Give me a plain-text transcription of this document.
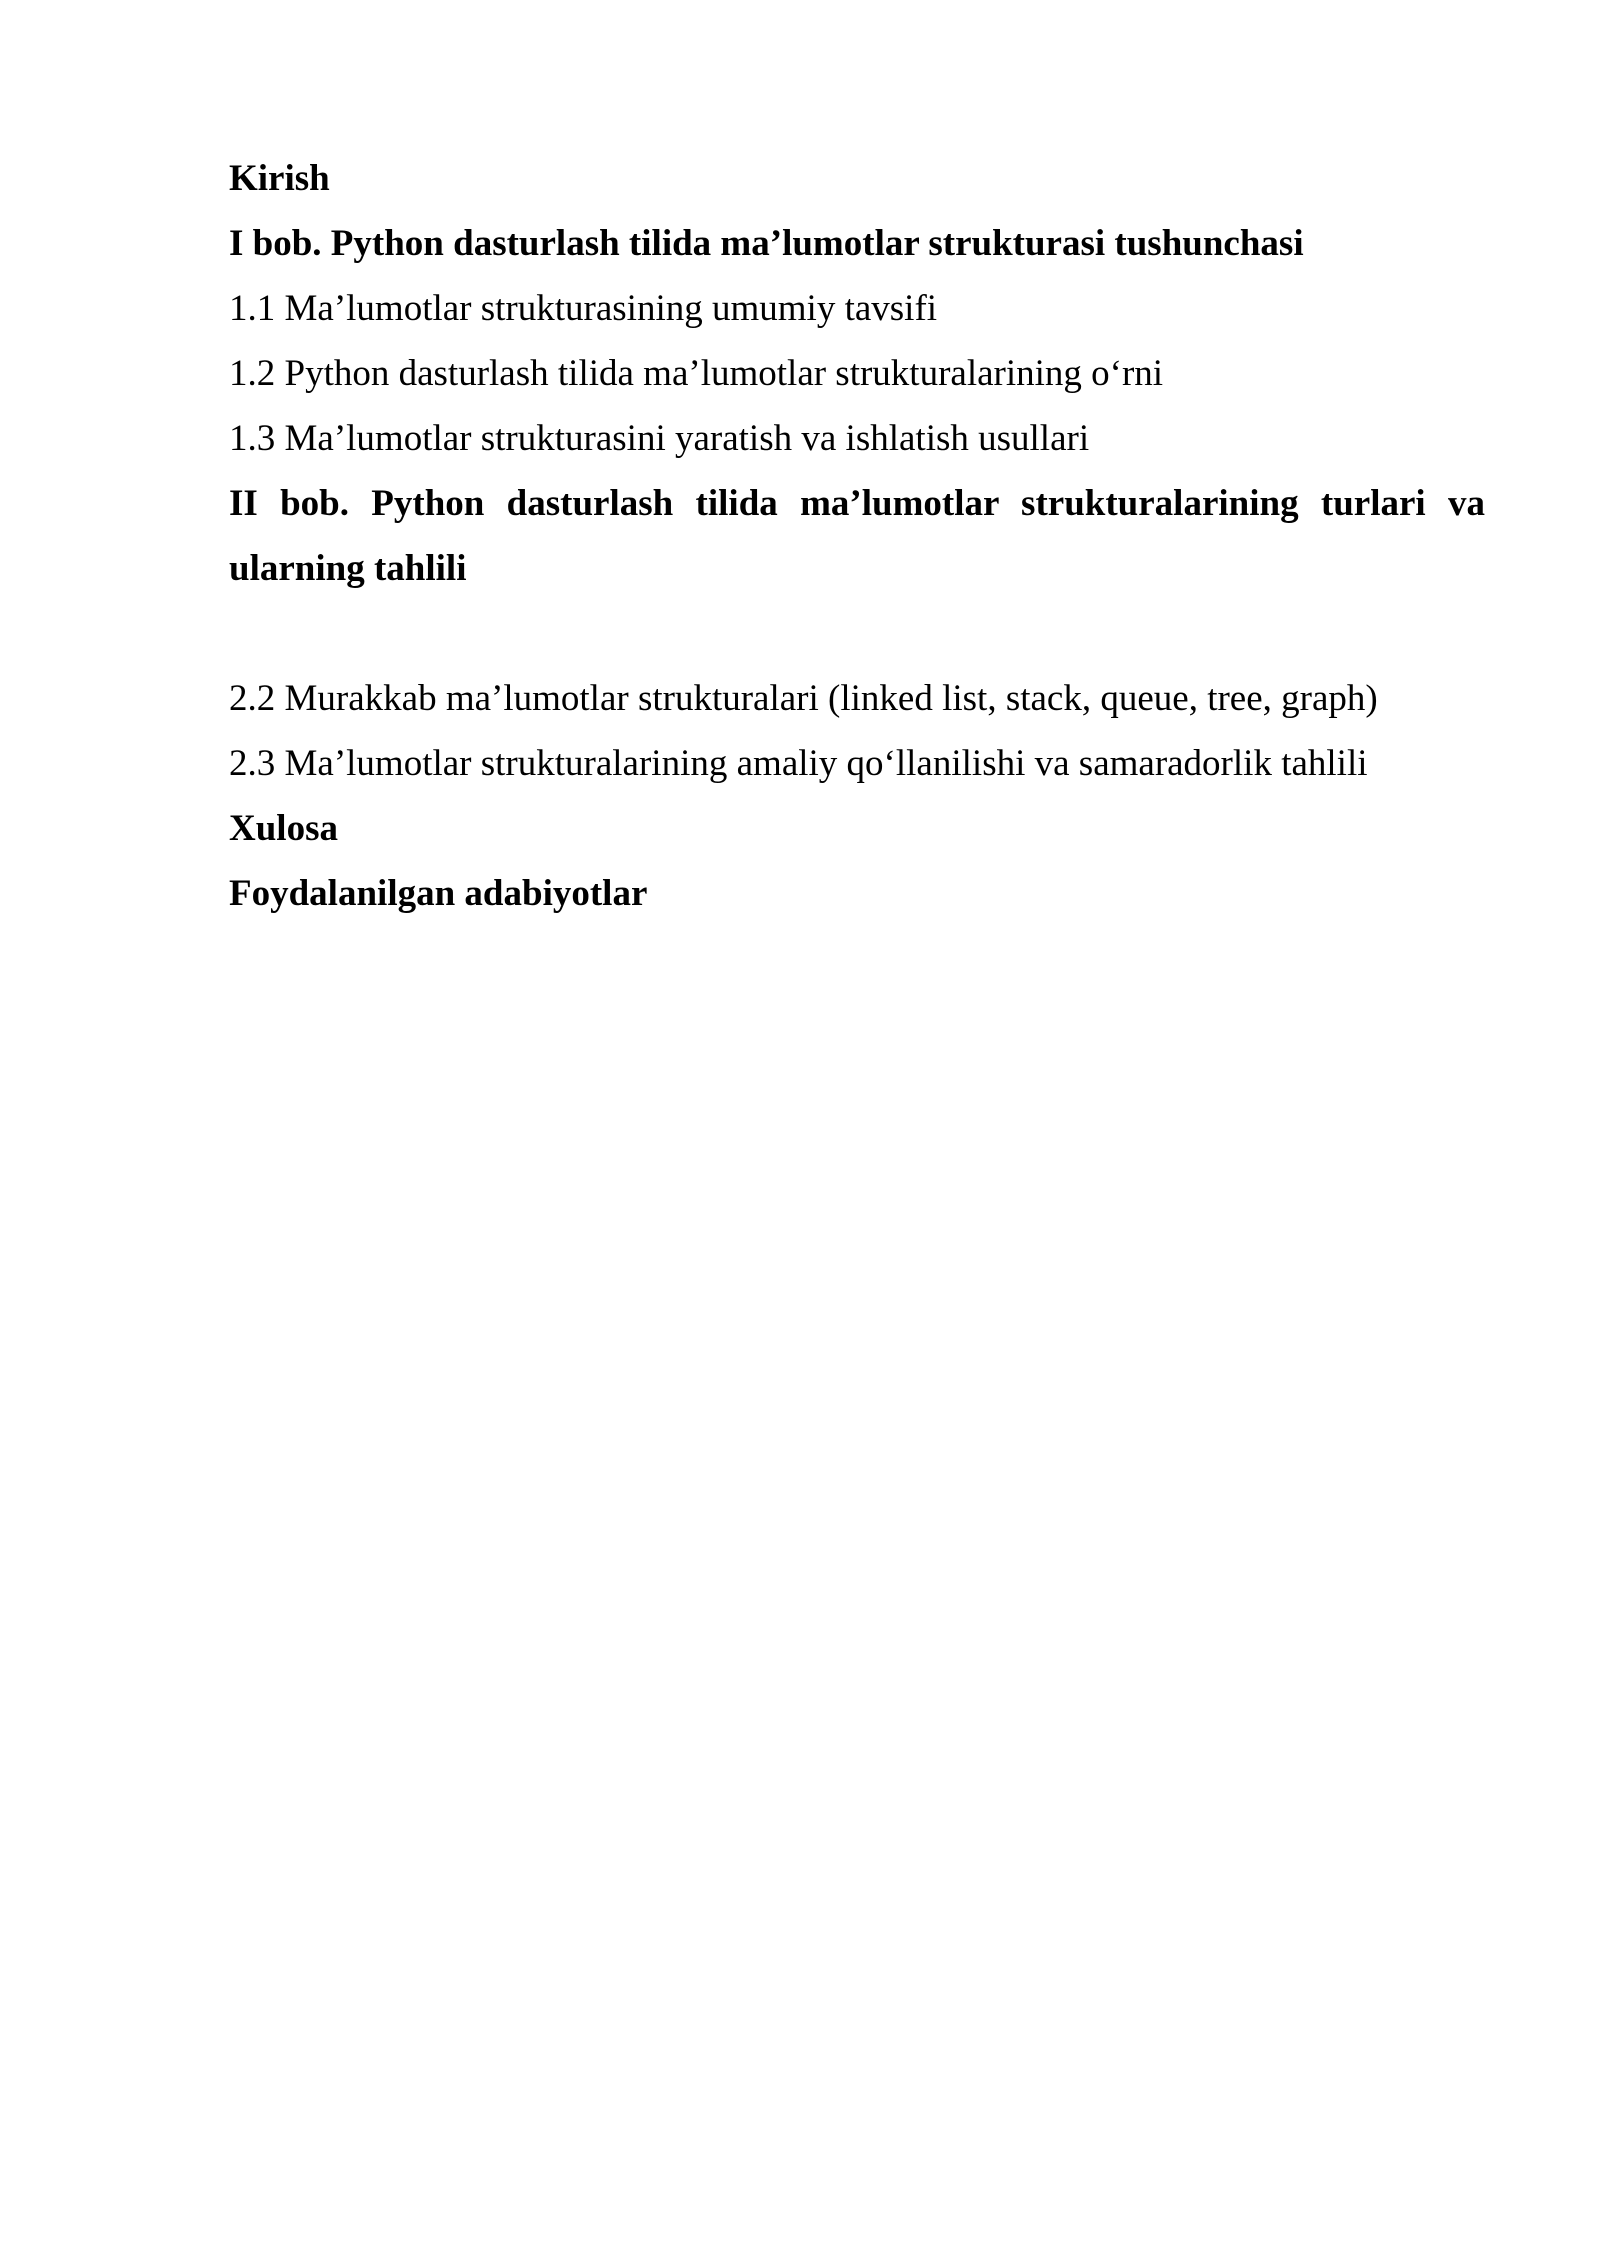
Kirish
I bob. Python dasturlash tilida ma’lumotlar strukturasi tushunchasi
1.1 Ma’lumotlar strukturasining umumiy tavsifi
1.2 Python dasturlash tilida ma’lumotlar strukturalarining o‘rni
1.3 Ma’lumotlar strukturasini yaratish va ishlatish usullari
II bob. Python dasturlash tilida ma’lumotlar strukturalarining turlari va ularning tahlili
2.2 Murakkab ma’lumotlar strukturalari (linked list, stack, queue, tree, graph)
2.3 Ma’lumotlar strukturalarining amaliy qo‘llanilishi va samaradorlik tahlili
Xulosa
Foydalanilgan adabiyotlar
